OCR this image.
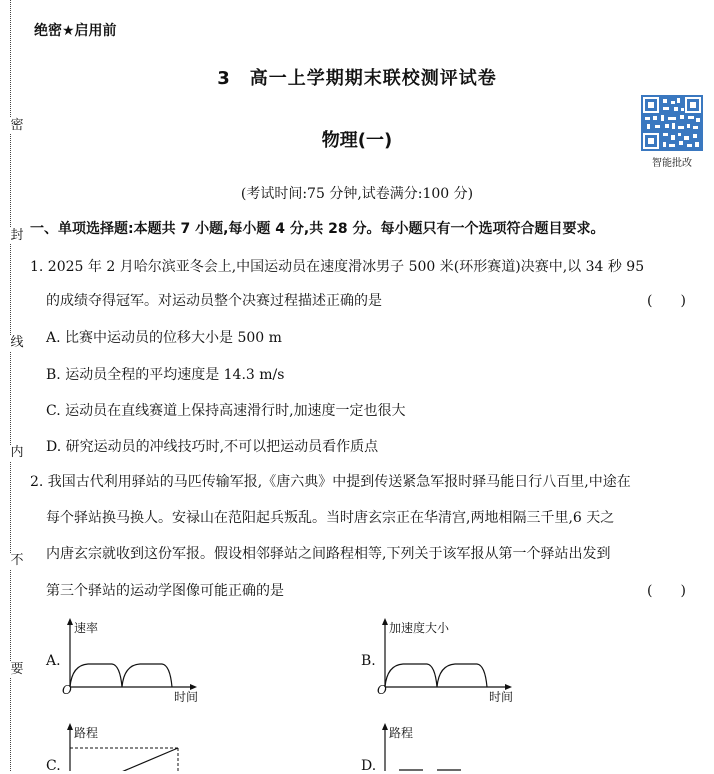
密
封
线
内
不
要
绝密★启用前
3　高一上学期期末联校测评试卷
物理(一)
智能批改
(考试时间:75 分钟,试卷满分:100 分)
一、单项选择题:本题共 7 小题,每小题 4 分,共 28 分。每小题只有一个选项符合题目要求。
1. 2025 年 2 月哈尔滨亚冬会上,中国运动员在速度滑冰男子 500 米(环形赛道)决赛中,以 34 秒 95
的成绩夺得冠军。对运动员整个决赛过程描述正确的是	(　　)
A. 比赛中运动员的位移大小是 500 m
B. 运动员全程的平均速度是 14.3 m/s
C. 运动员在直线赛道上保持高速滑行时,加速度一定也很大
D. 研究运动员的冲线技巧时,不可以把运动员看作质点
2. 我国古代利用驿站的马匹传输军报,《唐六典》中提到传送紧急军报时驿马能日行八百里,中途在
每个驿站换马换人。安禄山在范阳起兵叛乱。当时唐玄宗正在华清宫,两地相隔三千里,6 天之
内唐玄宗就收到这份军报。假设相邻驿站之间路程相等,下列关于该军报从第一个驿站出发到
第三个驿站的运动学图像可能正确的是	(　　)
A.
速率
时间
O
B.
加速度大小
时间
O
C.
路程
D.
路程
